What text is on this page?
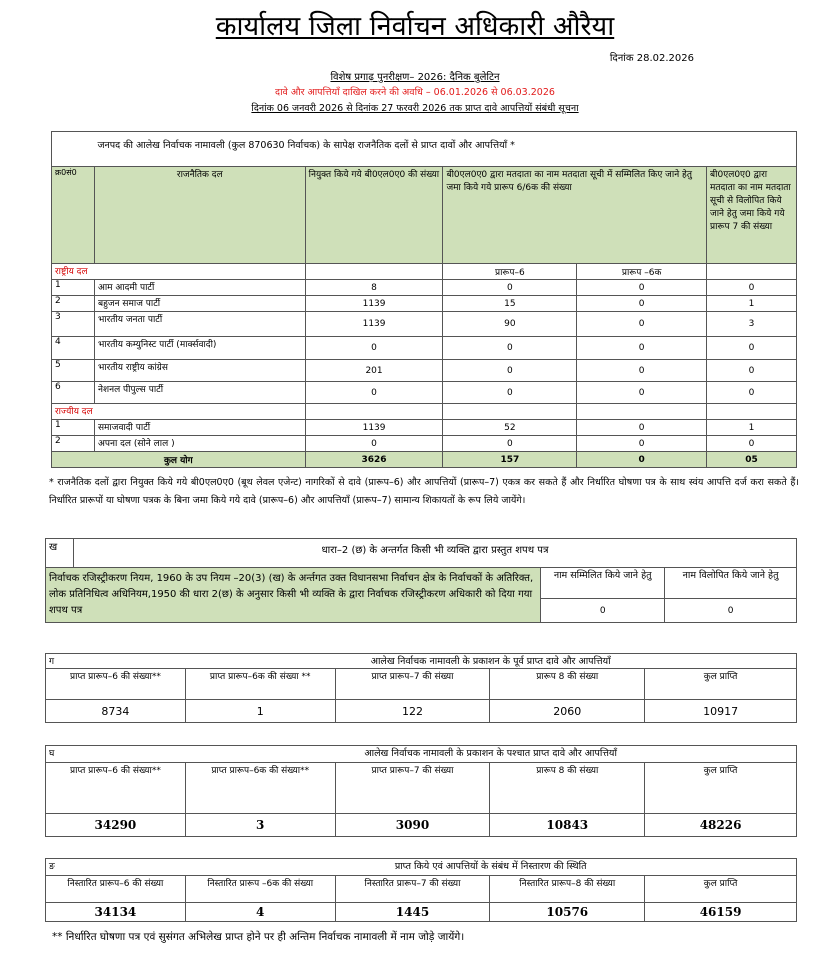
कार्यालय जिला निर्वाचन अधिकारी औरैया
दिनांक 28.02.2026
विशेष प्रगाढ़ पुनरीक्षण– 2026: दैनिक बुलेटिन
दावे और आपत्तियाँ दाखिल करने की अवधि – 06.01.2026 से 06.03.2026
दिनांक 06 जनवरी 2026 से दिनांक 27 फरवरी 2026 तक प्राप्त दावे आपत्तियों संबंधी सूचना
	जनपद की आलेख निर्वाचक नामावली (कुल 870630 निर्वाचक) के सापेक्ष राजनैतिक दलों से प्राप्त दावों और आपत्तियाँ *				
क्र0सं0	राजनैतिक दल	नियुक्त किये गये बी0एल0ए0 की संख्या	बी0एल0ए0 द्वारा मतदाता का नाम मतदाता सूची में सम्मिलित किए जाने हेतु जमा किये गये प्रारूप 6/6क की संख्या		बी0एल0ए0 द्वारा मतदाता का नाम मतदाता सूची से विलोपित किये जाने हेतु जमा किये गये प्रारूप 7 की संख्या
राष्ट्रीय दल			प्रारूप–6	प्रारूप –6क	
1	आम आदमी पार्टी	8	0	0	0
2	बहुजन समाज पार्टी	1139	15	0	1
3	भारतीय जनता पार्टी	1139	90	0	3
4	भारतीय कम्युनिस्ट पार्टी (मार्क्सवादी)	0	0	0	0
5	भारतीय राष्ट्रीय कांग्रेस	201	0	0	0
6	नेशनल पीपुल्स पार्टी	0	0	0	0
राज्यीय दल					
1	समाजवादी पार्टी	1139	52	0	1
2	अपना दल (सोने लाल )	0	0	0	0
कुल योग		3626	157	0	05
* राजनैतिक दलों द्वारा नियुक्त किये गये बी0एल0ए0 (बूथ लेवल एजेन्ट) नागरिकों से दावे (प्रारूप–6) और आपत्तियों (प्रारूप–7) एकत्र कर सकते हैं और निर्धारित घोषणा पत्र के साथ स्वंय आपत्ति दर्ज करा सकते हैं। निर्धारित प्रारूपों या घोषणा पत्रक के बिना जमा किये गये दावे (प्रारूप–6) और आपत्तियाँ (प्रारूप–7) सामान्य शिकायतों के रूप लिये जायेंगे।
ख	धारा–2 (छ) के अन्तर्गत किसी भी व्यक्ति द्वारा प्रस्तुत शपथ पत्र		
निर्वाचक रजिस्ट्रीकरण नियम, 1960 के उप नियम –20(3) (ख) के अर्न्तगत उक्त विधानसभा निर्वाचन क्षेत्र के निर्वाचकों के अतिरिक्त, लोक प्रतिनिधित्व अधिनियम,1950 की धारा 2(छ) के अनुसार किसी भी व्यक्ति के द्वारा निर्वाचक रजिस्ट्रीकरण अधिकारी को दिया गया शपथ पत्र		नाम सम्मिलित किये जाने हेतु	नाम विलोपित किये जाने हेतु
		0	0
ग	आलेख निर्वाचक नामावली के प्रकाशन के पूर्व प्राप्त दावे और आपत्तियाँ			
प्राप्त प्रारूप–6 की संख्या**	प्राप्त प्रारूप–6क की संख्या **	प्राप्त प्रारूप–7 की संख्या	प्रारूप 8 की संख्या	कुल प्राप्ति
8734	1	122	2060	10917
घ	आलेख निर्वाचक नामावली के प्रकाशन के पश्चात प्राप्त दावे और आपत्तियाँ			
प्राप्त प्रारूप–6 की संख्या**	प्राप्त प्रारूप–6क की संख्या**	प्राप्त प्रारूप–7 की संख्या	प्रारूप 8 की संख्या	कुल प्राप्ति
34290	3	3090	10843	48226
ङ	प्राप्त किये एवं आपत्तियों के संबंध में निस्तारण की स्थिति			
निस्तारित प्रारूप–6 की संख्या	निस्तारित प्रारूप –6क की संख्या	निस्तारित प्रारूप–7 की संख्या	निस्तारित प्रारूप–8 की संख्या	कुल प्राप्ति
34134	4	1445	10576	46159
** निर्धारित घोषणा पत्र एवं सुसंगत अभिलेख प्राप्त होने पर ही अन्तिम निर्वाचक नामावली में नाम जोड़े जायेंगे।
